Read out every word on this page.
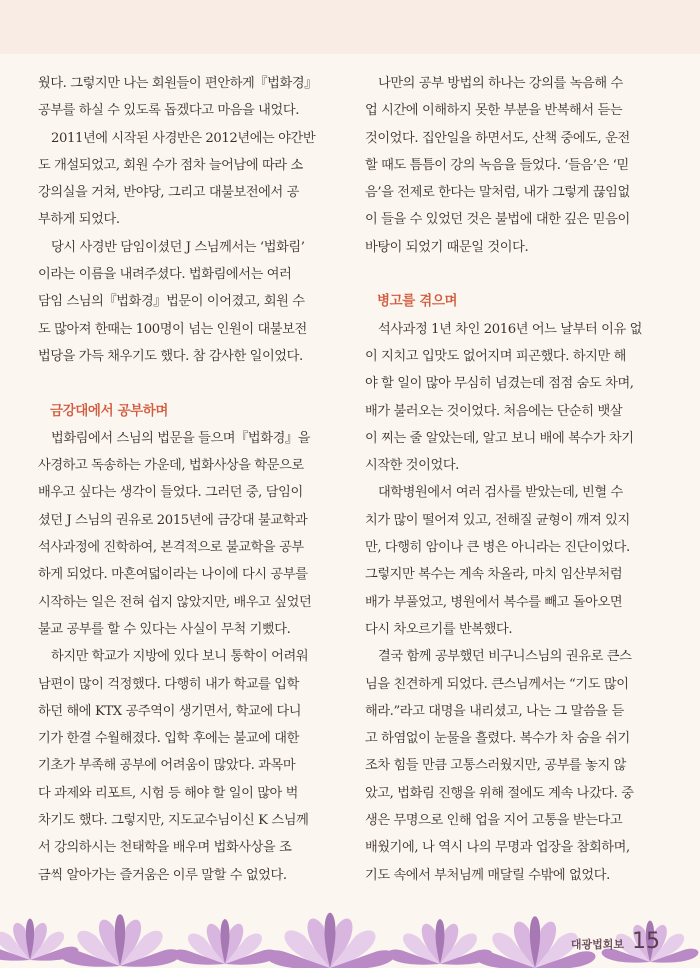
웠다. 그렇지만 나는 회원들이 편안하게『법화경』
공부를 하실 수 있도록 돕겠다고 마음을 내었다.

2011년에 시작된 사경반은 2012년에는 야간반
도 개설되었고, 회원 수가 점차 늘어남에 따라 소
강의실을 거쳐, 반야당, 그리고 대불보전에서 공
부하게 되었다.

당시 사경반 담임이셨던 J 스님께서는 ‘법화림’
이라는 이름을 내려주셨다. 법화림에서는 여러
담임 스님의『법화경』법문이 이어졌고, 회원 수
도 많아져 한때는 100명이 넘는 인원이 대불보전
법당을 가득 채우기도 했다. 참 감사한 일이었다.

금강대에서 공부하며

법화림에서 스님의 법문을 들으며『법화경』을
사경하고 독송하는 가운데, 법화사상을 학문으로
배우고 싶다는 생각이 들었다. 그러던 중, 담임이
셨던 J 스님의 권유로 2015년에 금강대 불교학과
석사과정에 진학하여, 본격적으로 불교학을 공부
하게 되었다. 마흔여덟이라는 나이에 다시 공부를
시작하는 일은 전혀 쉽지 않았지만, 배우고 싶었던
불교 공부를 할 수 있다는 사실이 무척 기뻤다.

하지만 학교가 지방에 있다 보니 통학이 어려워
남편이 많이 걱정했다. 다행히 내가 학교를 입학
하던 해에 KTX 공주역이 생기면서, 학교에 다니
기가 한결 수월해졌다. 입학 후에는 불교에 대한
기초가 부족해 공부에 어려움이 많았다. 과목마
다 과제와 리포트, 시험 등 해야 할 일이 많아 벅
차기도 했다. 그렇지만, 지도교수님이신 K 스님께
서 강의하시는 천태학을 배우며 법화사상을 조
금씩 알아가는 즐거움은 이루 말할 수 없었다.

나만의 공부 방법의 하나는 강의를 녹음해 수
업 시간에 이해하지 못한 부분을 반복해서 듣는
것이었다. 집안일을 하면서도, 산책 중에도, 운전
할 때도 틈틈이 강의 녹음을 들었다. ‘들음’은 ‘믿
음’을 전제로 한다는 말처럼, 내가 그렇게 끊임없
이 들을 수 있었던 것은 불법에 대한 깊은 믿음이
바탕이 되었기 때문일 것이다.

병고를 겪으며

석사과정 1년 차인 2016년 어느 날부터 이유 없
이 지치고 입맛도 없어지며 피곤했다. 하지만 해
야 할 일이 많아 무심히 넘겼는데 점점 숨도 차며,
배가 불러오는 것이었다. 처음에는 단순히 뱃살
이 찌는 줄 알았는데, 알고 보니 배에 복수가 차기
시작한 것이었다.

대학병원에서 여러 검사를 받았는데, 빈혈 수
치가 많이 떨어져 있고, 전해질 균형이 깨져 있지
만, 다행히 암이나 큰 병은 아니라는 진단이었다.
그렇지만 복수는 계속 차올라, 마치 임산부처럼
배가 부풀었고, 병원에서 복수를 빼고 돌아오면
다시 차오르기를 반복했다.

결국 함께 공부했던 비구니스님의 권유로 큰스
님을 친견하게 되었다. 큰스님께서는 “기도 많이
해라.”라고 대명을 내리셨고, 나는 그 말씀을 듣
고 하염없이 눈물을 흘렸다. 복수가 차 숨을 쉬기
조차 힘들 만큼 고통스러웠지만, 공부를 놓지 않
았고, 법화림 진행을 위해 절에도 계속 나갔다. 중
생은 무명으로 인해 업을 지어 고통을 받는다고
배웠기에, 나 역시 나의 무명과 업장을 참회하며,
기도 속에서 부처님께 매달릴 수밖에 없었다.

대광법회보 15
